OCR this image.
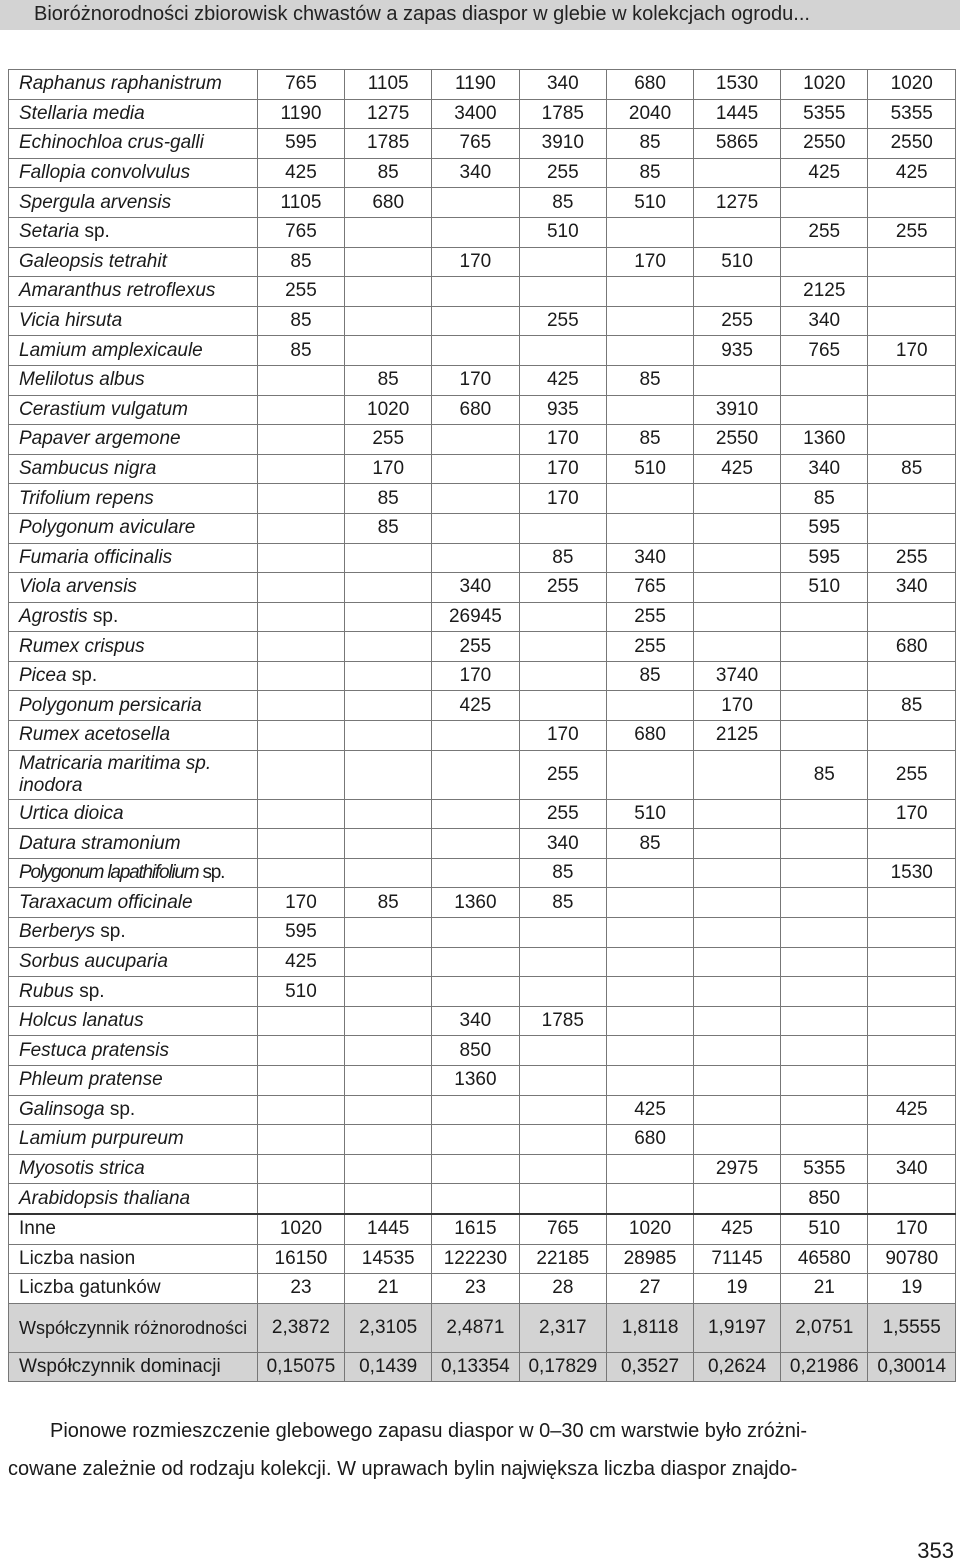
Bioróżnorodności zbiorowisk chwastów a zapas diaspor w glebie w kolekcjach ogrodu...
Raphanus raphanistrum	765	1105	1190	340	680	1530	1020	1020
Stellaria media	1190	1275	3400	1785	2040	1445	5355	5355
Echinochloa crus-galli	595	1785	765	3910	85	5865	2550	2550
Fallopia convolvulus	425	85	340	255	85		425	425
Spergula arvensis	1105	680		85	510	1275		
Setaria sp.	765			510			255	255
Galeopsis tetrahit	85		170		170	510		
Amaranthus retroflexus	255						2125	
Vicia hirsuta	85			255		255	340	
Lamium amplexicaule	85					935	765	170
Melilotus albus		85	170	425	85			
Cerastium vulgatum		1020	680	935		3910		
Papaver argemone		255		170	85	2550	1360	
Sambucus nigra		170		170	510	425	340	85
Trifolium repens		85		170			85	
Polygonum aviculare		85					595	
Fumaria officinalis				85	340		595	255
Viola arvensis			340	255	765		510	340
Agrostis sp.			26945		255			
Rumex crispus			255		255			680
Picea sp.			170		85	3740		
Polygonum persicaria			425			170		85
Rumex acetosella				170	680	2125		
Matricaria maritima sp. inodora				255			85	255
Urtica dioica				255	510			170
Datura stramonium				340	85			
Polygonum lapathifolium sp.				85				1530
Taraxacum officinale	170	85	1360	85				
Berberys sp.	595							
Sorbus aucuparia	425							
Rubus sp.	510							
Holcus lanatus			340	1785				
Festuca pratensis			850					
Phleum pratense			1360					
Galinsoga sp.					425			425
Lamium purpureum					680			
Myosotis strica						2975	5355	340
Arabidopsis thaliana							850	
Inne	1020	1445	1615	765	1020	425	510	170
Liczba nasion	16150	14535	122230	22185	28985	71145	46580	90780
Liczba gatunków	23	21	23	28	27	19	21	19
Współczynnik różnorodności	2,3872	2,3105	2,4871	2,317	1,8118	1,9197	2,0751	1,5555
Współczynnik dominacji	0,15075	0,1439	0,13354	0,17829	0,3527	0,2624	0,21986	0,30014
Pionowe rozmieszczenie glebowego zapasu diaspor w 0–30 cm warstwie było zróżni-
cowane zależnie od rodzaju kolekcji. W uprawach bylin największa liczba diaspor znajdo-
353
